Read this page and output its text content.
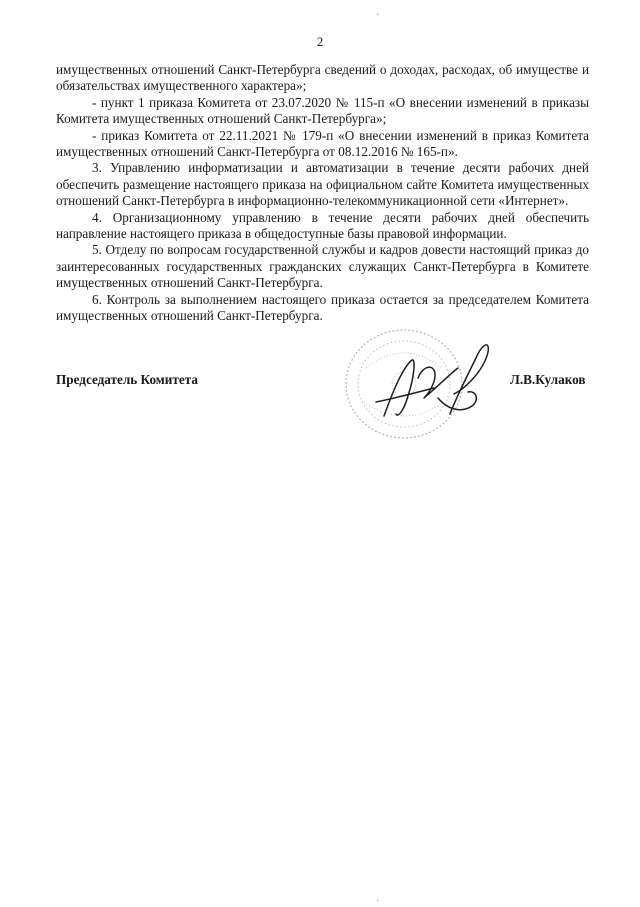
2

имущественных отношений Санкт-Петербурга сведений о доходах, расходах, об имуществе и обязательствах имущественного характера»;

- пункт 1 приказа Комитета от 23.07.2020 № 115-п «О внесении изменений в приказы Комитета имущественных отношений Санкт-Петербурга»;

- приказ Комитета от 22.11.2021 № 179-п «О внесении изменений в приказ Комитета имущественных отношений Санкт-Петербурга от 08.12.2016 № 165-п».

3. Управлению информатизации и автоматизации в течение десяти рабочих дней обеспечить размещение настоящего приказа на официальном сайте Комитета имущественных отношений Санкт-Петербурга в информационно-телекоммуникационной сети «Интернет».

4. Организационному управлению в течение десяти рабочих дней обеспечить направление настоящего приказа в общедоступные базы правовой информации.

5. Отделу по вопросам государственной службы и кадров довести настоящий приказ до заинтересованных государственных гражданских служащих Санкт-Петербурга в Комитете имущественных отношений Санкт-Петербурга.

6. Контроль за выполнением настоящего приказа остается за председателем Комитета имущественных отношений Санкт-Петербурга.

Председатель Комитета	Л.В.Кулаков
·
·
